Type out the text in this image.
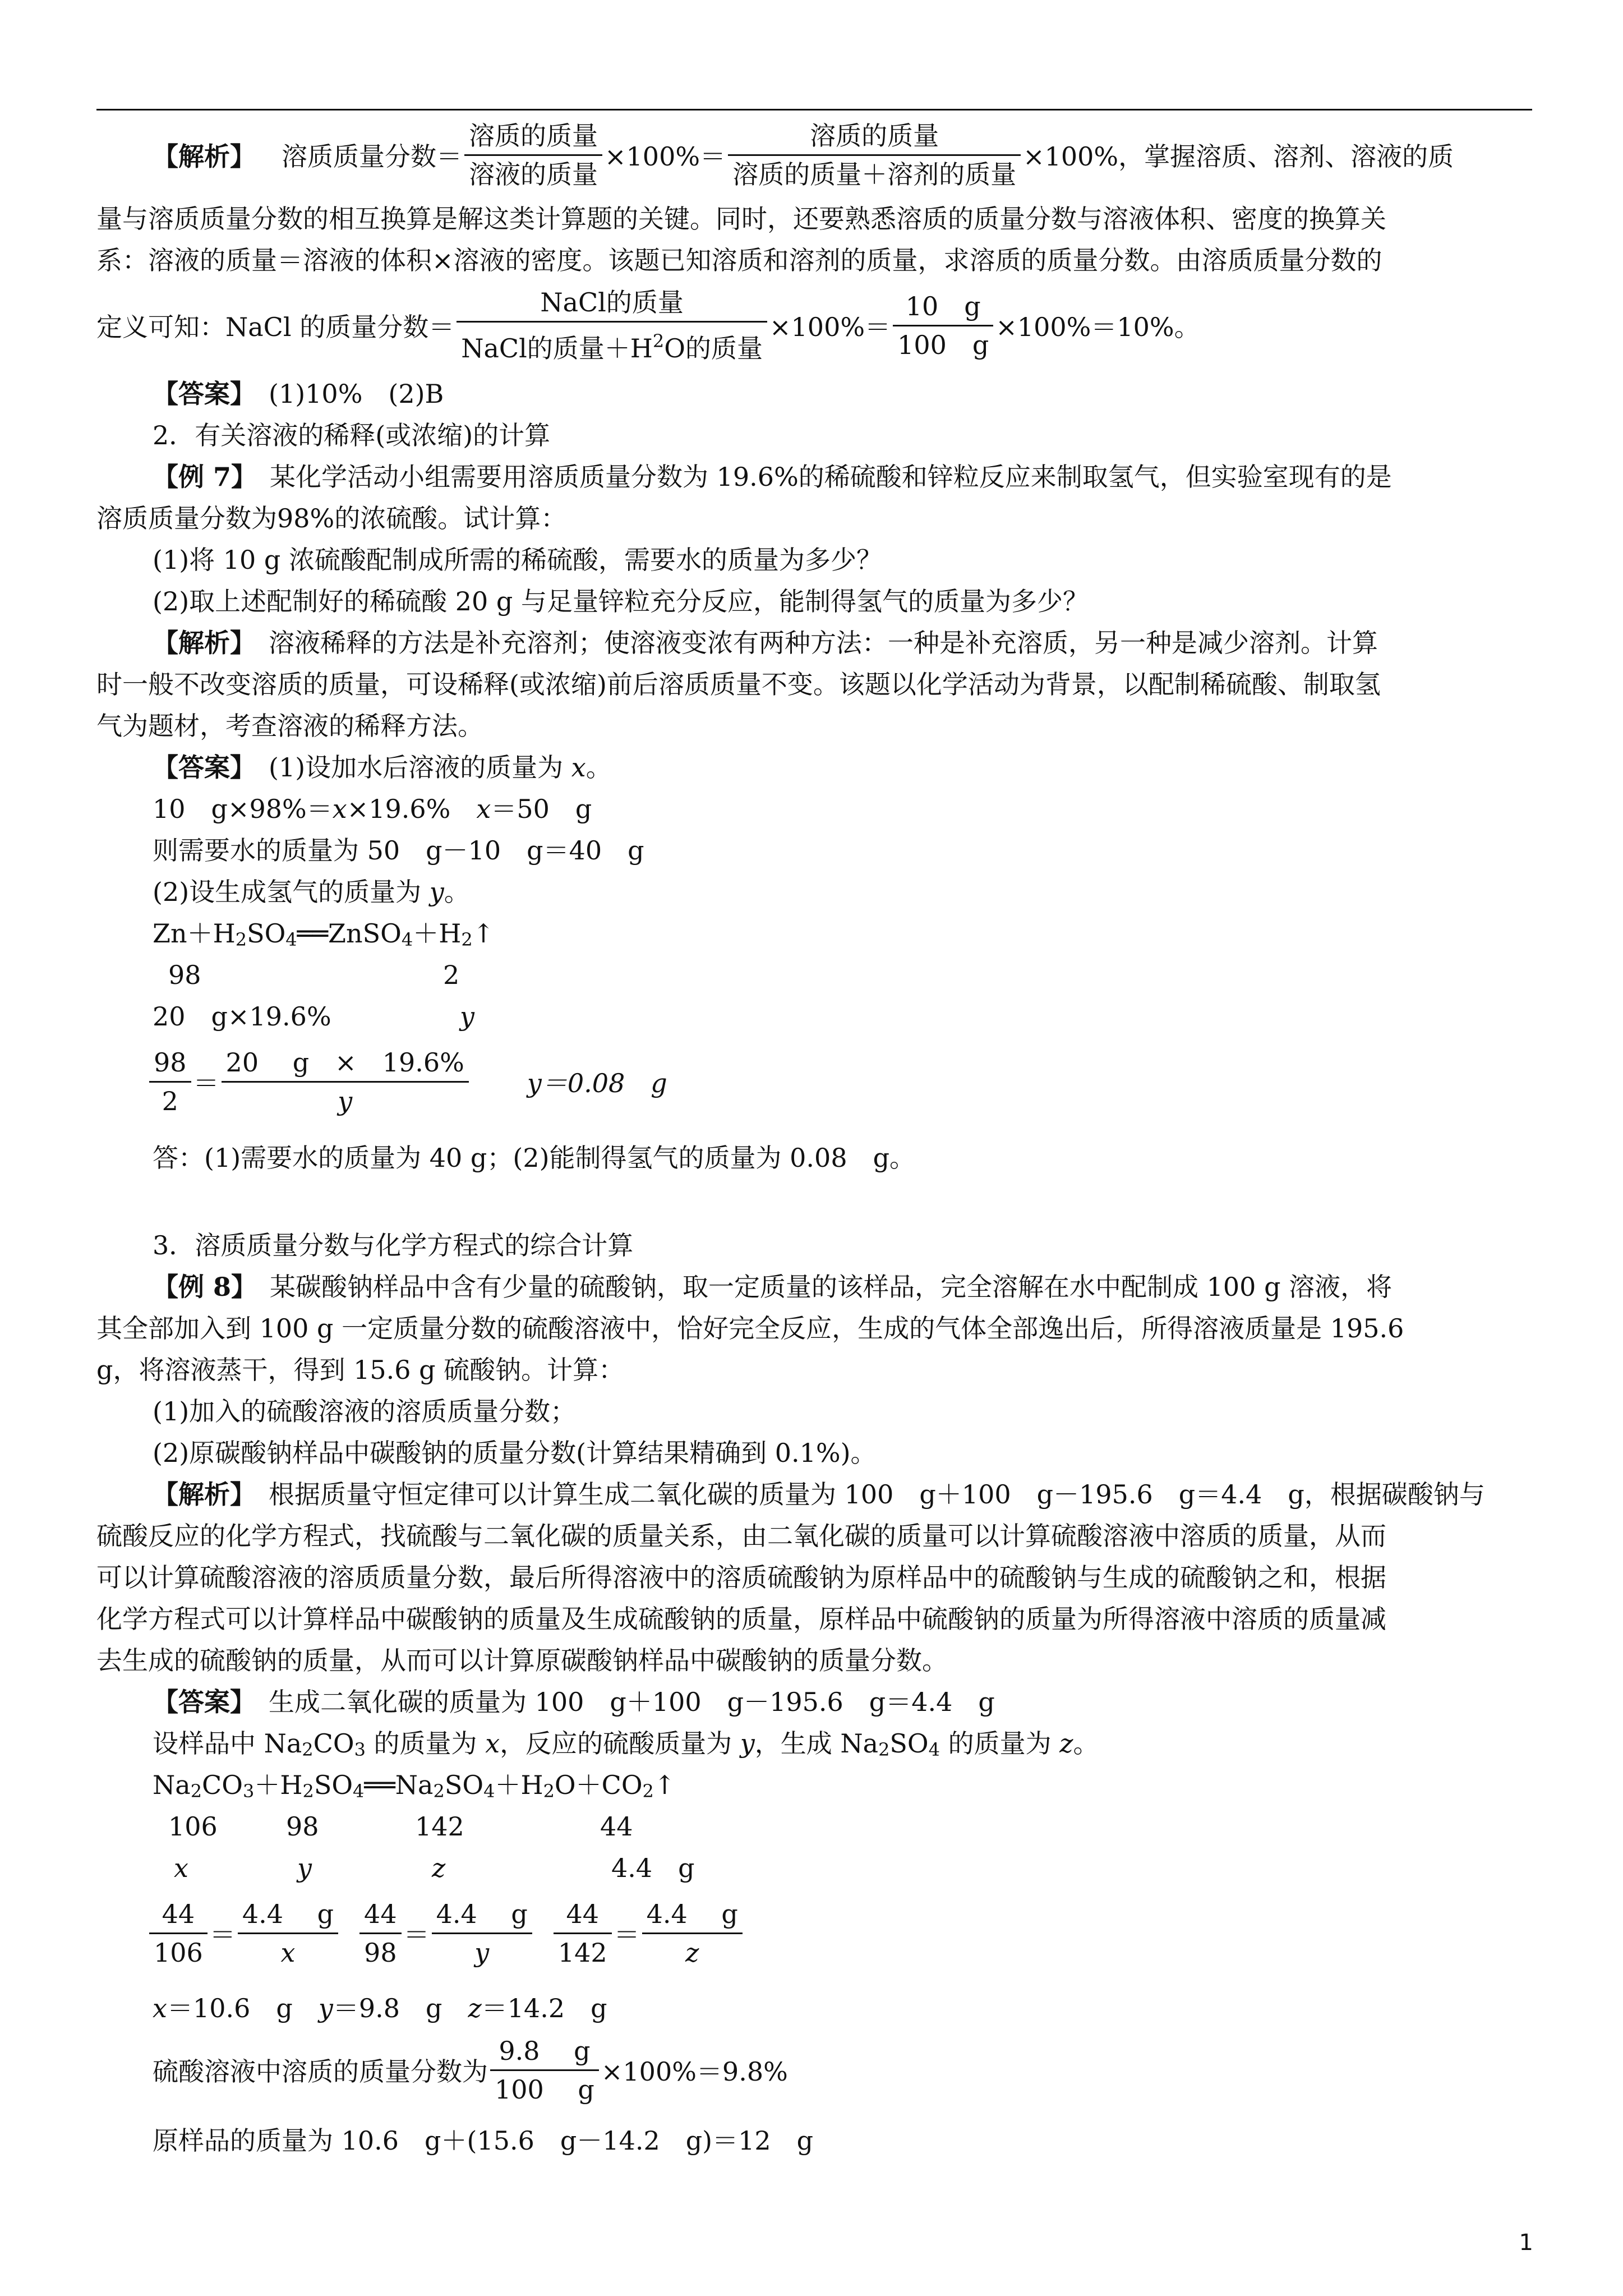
【解析】 　溶质质量分数＝ $\frac{\text{溶质的质量}}{\text{溶液的质量}} \times 100\%= \frac{\text{溶质的质量}}{\text{溶质的质量＋溶剂的质量}} \times 100\%$，掌握溶质、溶剂、溶液的质
量与溶质质量分数的相互换算是解这类计算题的关键。同时，还要熟悉溶质的质量分数与溶液体积、密度的换算关
系：溶液的质量＝溶液的体积×溶液的密度。该题已知溶质和溶剂的质量，求溶质的质量分数。由溶质质量分数的
定义可知：NaCl 的质量分数＝ $\frac{\text{NaCl的质量}}{NaCl的质量+H^2O的质量} \times 100\%= \frac{10 g}{100 g} \times 100\%=10\%$。
【答案】　(1)10%　(2)B
2．有关溶液的稀释(或浓缩)的计算
【例 7】　某化学活动小组需要用溶质质量分数为 19.6%的稀硫酸和锌粒反应来制取氢气，但实验室现有的是
溶质质量分数为98%的浓硫酸。试计算：
(1)将 10 g 浓硫酸配制成所需的稀硫酸，需要水的质量为多少？
(2)取上述配制好的稀硫酸 20 g 与足量锌粒充分反应，能制得氢气的质量为多少？
【解析】　溶液稀释的方法是补充溶剂；使溶液变浓有两种方法：一种是补充溶质，另一种是减少溶剂。计算
时一般不改变溶质的质量，可设稀释(或浓缩)前后溶质质量不变。该题以化学活动为背景，以配制稀硫酸、制取氢
气为题材，考查溶液的稀释方法。
【答案】　(1)设加水后溶液的质量为 x。
10　g×98%＝x×19.6%　x＝50　g
则需要水的质量为 50　g－10　g＝40　g
(2)设生成氢气的质量为 y。
$Zn+H_2SO_4══ZnSO_4+H_2↑$
98	2
20　g×19.6%	y
$\frac{98}{2} = \frac{20 g \times 19.6\%}{y} y=0.08$　g
答：(1)需要水的质量为 40 g；(2)能制得氢气的质量为 0.08　g。
3．溶质质量分数与化学方程式的综合计算
【例 8】　某碳酸钠样品中含有少量的硫酸钠，取一定质量的该样品，完全溶解在水中配制成 100 g 溶液，将
其全部加入到 100 g 一定质量分数的硫酸溶液中，恰好完全反应，生成的气体全部逸出后，所得溶液质量是 195.6
g，将溶液蒸干，得到 15.6 g 硫酸钠。计算：
(1)加入的硫酸溶液的溶质质量分数；
(2)原碳酸钠样品中碳酸钠的质量分数(计算结果精确到 0.1%)。
【解析】　根据质量守恒定律可以计算生成二氧化碳的质量为 100　g＋100　g－195.6　g＝4.4　g，根据碳酸钠与
硫酸反应的化学方程式，找硫酸与二氧化碳的质量关系，由二氧化碳的质量可以计算硫酸溶液中溶质的质量，从而
可以计算硫酸溶液的溶质质量分数，最后所得溶液中的溶质硫酸钠为原样品中的硫酸钠与生成的硫酸钠之和，根据
化学方程式可以计算样品中碳酸钠的质量及生成硫酸钠的质量，原样品中硫酸钠的质量为所得溶液中溶质的质量减
去生成的硫酸钠的质量，从而可以计算原碳酸钠样品中碳酸钠的质量分数。
【答案】　生成二氧化碳的质量为 100　g＋100　g－195.6　g＝4.4　g
设样品中 $Na_2CO_3$ 的质量为 x，反应的硫酸质量为 y，生成 $Na_2SO_4$ 的质量为 z。
$Na_2CO_3+H_2SO_4══Na_2SO_4+H_2O+CO_2↑$
106	98	142	44
x	y	z	4.4　g
$\frac{44}{106} = \frac{4.4 g}{x} \frac{44}{98} = \frac{4.4 g}{y} \frac{44}{142} = \frac{4.4 g}{z}$
x＝10.6　g　y＝9.8　g　z＝14.2　g
硫酸溶液中溶质的质量分数为 $\frac{9.8 g}{100 g} \times 100\%=9.8\%$
原样品的质量为 10.6　g＋(15.6　g－14.2　g)＝12　g
1
